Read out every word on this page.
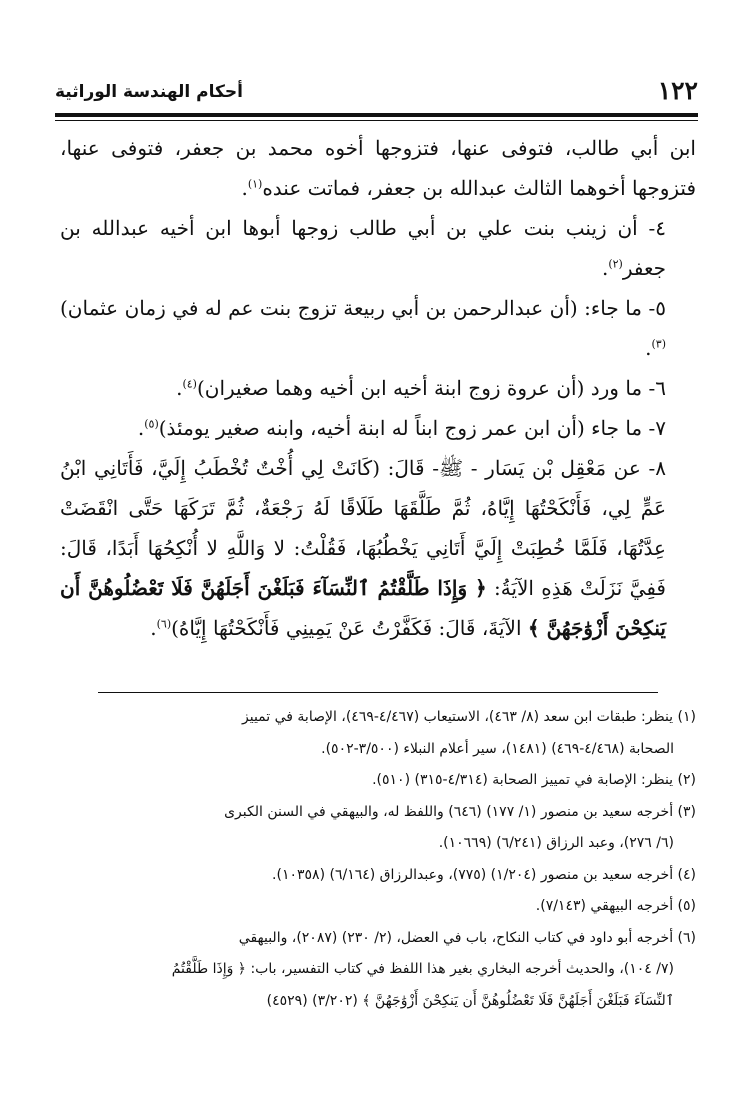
١٢٢
أحكام الهندسة الوراثية

ابن أبي طالب، فتوفى عنها، فتزوجها أخوه محمد بن جعفر، فتوفى عنها، فتزوجها أخوهما الثالث عبدالله بن جعفر، فماتت عنده$^{(١)}$.

٤- أن زينب بنت علي بن أبي طالب زوجها أبوها ابن أخيه عبدالله بن جعفر$^{(٢)}$.

٥- ما جاء: (أن عبدالرحمن بن أبي ربيعة تزوج بنت عم له في زمان عثمان)$^{(٣)}$.

٦- ما ورد (أن عروة زوج ابنة أخيه ابن أخيه وهما صغيران)$^{(٤)}$.

٧- ما جاء (أن ابن عمر زوج ابناً له ابنة أخيه، وابنه صغير يومئذ)$^{(٥)}$.

٨- عن مَعْقِل بْن يَسَار - ﷺ- قَالَ: (كَانَتْ لِي أُخْتٌ تُخْطَبُ إِلَيَّ، فَأَتَانِي ابْنُ عَمٍّ لِي، فَأَنْكَحْتُهَا إِيَّاهُ، ثُمَّ طَلَّقَهَا طَلَاقًا لَهُ رَجْعَةٌ، ثُمَّ تَرَكَهَا حَتَّى انْقَضَتْ عِدَّتُهَا، فَلَمَّا خُطِبَتْ إِلَيَّ أَتَانِي يَخْطُبُهَا، فَقُلْتُ: لا وَاللَّهِ لا أُنْكِحُهَا أَبَدًا، قَالَ: فَفِيَّ نَزَلَتْ هَذِهِ الآيَةُ: ﴿ وَإِذَا طَلَّقْتُمُ ٱلنِّسَآءَ فَبَلَغْنَ أَجَلَهُنَّ فَلَا تَعْضُلُوهُنَّ أَن يَنكِحْنَ أَزْوَٰجَهُنَّ ﴾ الآيَةَ، قَالَ: فَكَفَّرْتُ عَنْ يَمِينِي فَأَنْكَحْتُهَا إِيَّاهُ)$^{(٦)}$.

(١) ينظر: طبقات ابن سعد (٨/ ٤٦٣)، الاستيعاب (٤/٤٦٧-٤٦٩)، الإصابة في تمييز

الصحابة (٤/٤٦٨-٤٦٩) (١٤٨١)، سير أعلام النبلاء (٣/٥٠٠-٥٠٢).

(٢) ينظر: الإصابة في تمييز الصحابة (٤/٣١٤-٣١٥) (٥١٠).

(٣) أخرجه سعيد بن منصور (١/ ١٧٧) (٦٤٦) واللفظ له، والبيهقي في السنن الكبرى

(٦/ ٢٧٦)، وعبد الرزاق (٦/٢٤١) (١٠٦٦٩).

(٤) أخرجه سعيد بن منصور (١/٢٠٤) (٧٧٥)، وعبدالرزاق (٦/١٦٤) (١٠٣٥٨).

(٥) أخرجه البيهقي (٧/١٤٣).

(٦) أخرجه أبو داود في كتاب النكاح، باب في العضل، (٢/ ٢٣٠) (٢٠٨٧)، والبيهقي

(٧/ ١٠٤)، والحديث أخرجه البخاري بغير هذا اللفظ في كتاب التفسير، باب: ﴿ وَإِذَا طَلَّقْتُمُ

ٱلنِّسَآءَ فَبَلَغْنَ أَجَلَهُنَّ فَلَا تَعْضُلُوهُنَّ أَن يَنكِحْنَ أَزْوَٰجَهُنَّ ﴾ (٣/٢٠٢) (٤٥٢٩)
